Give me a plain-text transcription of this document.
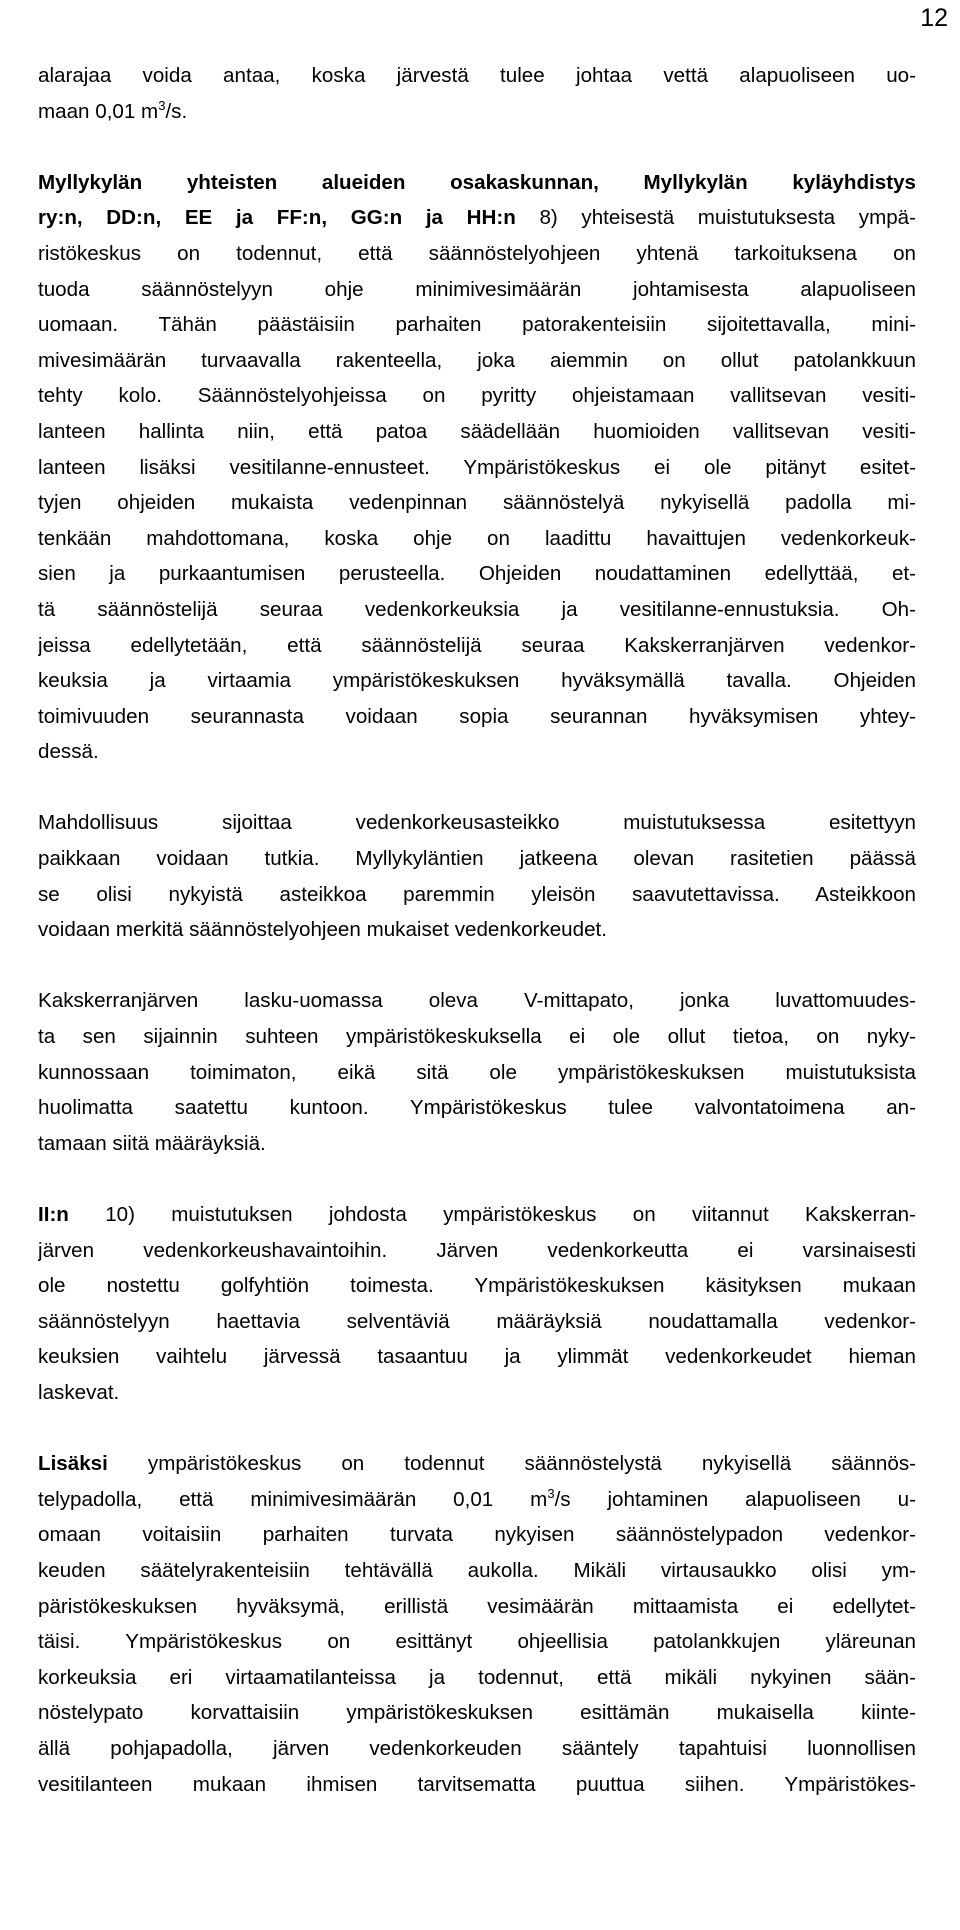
12
alarajaa voida antaa, koska järvestä tulee johtaa vettä alapuoliseen uo-
maan 0,01 $m^3/s$.
Myllykylän yhteisten alueiden osakaskunnan, Myllykylän kyläyhdistys
ry:n, DD:n, EE ja FF:n, GG:n ja HH:n 8) yhteisestä muistutuksesta ympä-
ristökeskus on todennut, että säännöstelyohjeen yhtenä tarkoituksena on
tuoda säännöstelyyn ohje minimivesimäärän johtamisesta alapuoliseen
uomaan. Tähän päästäisiin parhaiten patorakenteisiin sijoitettavalla, mini-
mivesimäärän turvaavalla rakenteella, joka aiemmin on ollut patolankkuun
tehty kolo. Säännöstelyohjeissa on pyritty ohjeistamaan vallitsevan vesiti-
lanteen hallinta niin, että patoa säädellään huomioiden vallitsevan vesiti-
lanteen lisäksi vesitilanne-ennusteet. Ympäristökeskus ei ole pitänyt esitet-
tyjen ohjeiden mukaista vedenpinnan säännöstelyä nykyisellä padolla mi-
tenkään mahdottomana, koska ohje on laadittu havaittujen vedenkorkeuk-
sien ja purkaantumisen perusteella. Ohjeiden noudattaminen edellyttää, et-
tä säännöstelijä seuraa vedenkorkeuksia ja vesitilanne-ennustuksia. Oh-
jeissa edellytetään, että säännöstelijä seuraa Kakskerranjärven vedenkor-
keuksia ja virtaamia ympäristökeskuksen hyväksymällä tavalla. Ohjeiden
toimivuuden seurannasta voidaan sopia seurannan hyväksymisen yhtey-
dessä.
Mahdollisuus sijoittaa vedenkorkeusasteikko muistutuksessa esitettyyn
paikkaan voidaan tutkia. Myllykyläntien jatkeena olevan rasitetien päässä
se olisi nykyistä asteikkoa paremmin yleisön saavutettavissa. Asteikkoon
voidaan merkitä säännöstelyohjeen mukaiset vedenkorkeudet.
Kakskerranjärven lasku-uomassa oleva V-mittapato, jonka luvattomuudes-
ta sen sijainnin suhteen ympäristökeskuksella ei ole ollut tietoa, on nyky-
kunnossaan toimimaton, eikä sitä ole ympäristökeskuksen muistutuksista
huolimatta saatettu kuntoon. Ympäristökeskus tulee valvontatoimena an-
tamaan siitä määräyksiä.
II:n 10) muistutuksen johdosta ympäristökeskus on viitannut Kakskerran-
järven vedenkorkeushavaintoihin. Järven vedenkorkeutta ei varsinaisesti
ole nostettu golfyhtiön toimesta. Ympäristökeskuksen käsityksen mukaan
säännöstelyyn haettavia selventäviä määräyksiä noudattamalla vedenkor-
keuksien vaihtelu järvessä tasaantuu ja ylimmät vedenkorkeudet hieman
laskevat.
Lisäksi ympäristökeskus on todennut säännöstelystä nykyisellä säännös-
telypadolla, että minimivesimäärän 0,01 $m^3/s$ johtaminen alapuoliseen u-
omaan voitaisiin parhaiten turvata nykyisen säännöstelypadon vedenkor-
keuden säätelyrakenteisiin tehtävällä aukolla. Mikäli virtausaukko olisi ym-
päristökeskuksen hyväksymä, erillistä vesimäärän mittaamista ei edellytet-
täisi. Ympäristökeskus on esittänyt ohjeellisia patolankkujen yläreunan
korkeuksia eri virtaamatilanteissa ja todennut, että mikäli nykyinen sään-
nöstelypato korvattaisiin ympäristökeskuksen esittämän mukaisella kiinte-
ällä pohjapadolla, järven vedenkorkeuden sääntely tapahtuisi luonnollisen
vesitilanteen mukaan ihmisen tarvitsematta puuttua siihen. Ympäristökes-
